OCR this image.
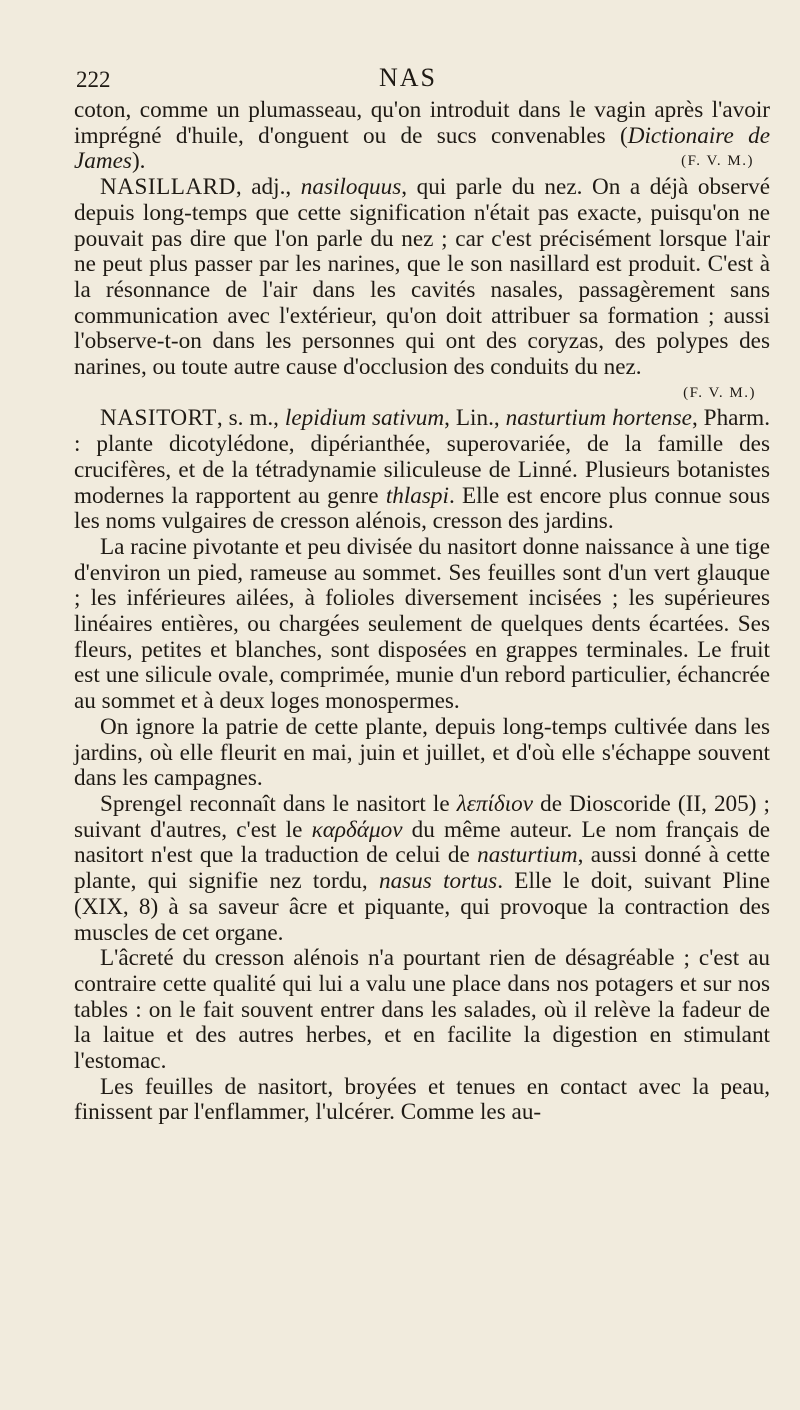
222	NAS

coton, comme un plumasseau, qu'on introduit dans le vagin après l'avoir imprégné d'huile, d'onguent ou de sucs convenables (Dictionaire de James).	(F. V. M.)

NASILLARD, adj., nasiloquus, qui parle du nez. On a déjà observé depuis long-temps que cette signification n'était pas exacte, puisqu'on ne pouvait pas dire que l'on parle du nez ; car c'est précisément lorsque l'air ne peut plus passer par les narines, que le son nasillard est produit. C'est à la résonnance de l'air dans les cavités nasales, passagèrement sans communication avec l'extérieur, qu'on doit attribuer sa formation ; aussi l'observe-t-on dans les personnes qui ont des coryzas, des polypes des narines, ou toute autre cause d'occlusion des conduits du nez.

(F. V. M.)

NASITORT, s. m., lepidium sativum, Lin., nasturtium hortense, Pharm. : plante dicotylédone, dipérianthée, superovariée, de la famille des crucifères, et de la tétradynamie siliculeuse de Linné. Plusieurs botanistes modernes la rapportent au genre thlaspi. Elle est encore plus connue sous les noms vulgaires de cresson alénois, cresson des jardins.

La racine pivotante et peu divisée du nasitort donne naissance à une tige d'environ un pied, rameuse au sommet. Ses feuilles sont d'un vert glauque ; les inférieures ailées, à folioles diversement incisées ; les supérieures linéaires entières, ou chargées seulement de quelques dents écartées. Ses fleurs, petites et blanches, sont disposées en grappes terminales. Le fruit est une silicule ovale, comprimée, munie d'un rebord particulier, échancrée au sommet et à deux loges monospermes.

On ignore la patrie de cette plante, depuis long-temps cultivée dans les jardins, où elle fleurit en mai, juin et juillet, et d'où elle s'échappe souvent dans les campagnes.

Sprengel reconnaît dans le nasitort le λεπίδιον de Dioscoride (II, 205) ; suivant d'autres, c'est le καρδάμον du même auteur. Le nom français de nasitort n'est que la traduction de celui de nasturtium, aussi donné à cette plante, qui signifie nez tordu, nasus tortus. Elle le doit, suivant Pline (XIX, 8) à sa saveur âcre et piquante, qui provoque la contraction des muscles de cet organe.

L'âcreté du cresson alénois n'a pourtant rien de désagréable ; c'est au contraire cette qualité qui lui a valu une place dans nos potagers et sur nos tables : on le fait souvent entrer dans les salades, où il relève la fadeur de la laitue et des autres herbes, et en facilite la digestion en stimulant l'estomac.

Les feuilles de nasitort, broyées et tenues en contact avec la peau, finissent par l'enflammer, l'ulcérer. Comme les au-
